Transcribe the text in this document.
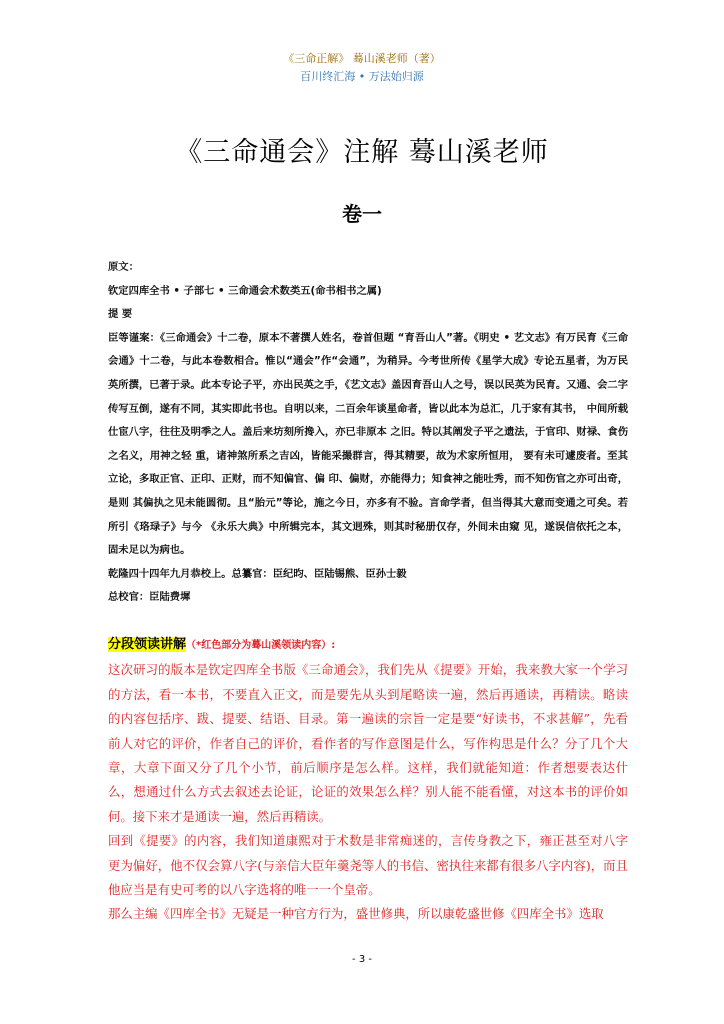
《三命正解》 蓦山溪老师（著）
百川终汇海 • 万法始归源
《三命通会》注解 蓦山溪老师
卷一

原文：

钦定四库全书 • 子部七 • 三命通会术数类五(命书相书之属)

提 要

臣等谨案：《三命通会》十二卷，原本不著撰人姓名，卷首但题 “育吾山人”著。《明史 • 艺文志》有万民育《三命会通》十二卷，与此本卷数相合。惟以“通会”作“会通”，为稍异。今考世所传《星学大成》专论五星者，为万民英所撰，已著于录。此本专论子平，亦出民英之手，《艺文志》盖因育吾山人之号，误以民英为民育。又通、会二字传写互倒，遂有不同，其实即此书也。自明以来，二百余年谈星命者，皆以此本为总汇，几于家有其书， 中间所载仕宦八字，往往及明季之人。盖后来坊刻所搀入，亦已非原本 之旧。特以其阐发子平之遗法，于官印、财禄、食伤之名义，用神之轻 重，诸神煞所系之吉凶，皆能采撮群言，得其精要，故为术家所恒用， 要有未可遽废者。至其立论，多取正官、正印、正财，而不知偏官、偏 印、偏财，亦能得力；知食神之能吐秀，而不知伤官之亦可出奇，是则 其偏执之见未能圆彻。且“胎元”等论，施之今日，亦多有不验。言命学者，但当得其大意而变通之可矣。若所引《珞琭子》与今 《永乐大典》中所辑完本，其文迥殊，则其时秘册仅存，外间未由窥 见，遂误信依托之本，固未足以为病也。

乾隆四十四年九月恭校上。总纂官：臣纪昀、臣陆锡熊、臣孙士毅

总校官：臣陆费墀

分段领读讲解（*红色部分为蓦山溪领读内容）:

这次研习的版本是钦定四库全书版《三命通会》，我们先从《提要》开始，我来教大家一个学习的方法，看一本书，不要直入正文，而是要先从头到尾略读一遍，然后再通读，再精读。略读的内容包括序、跋、提要、结语、目录。第一遍读的宗旨一定是要“好读书，不求甚解”，先看前人对它的评价，作者自己的评价，看作者的写作意图是什么，写作构思是什么？分了几个大章，大章下面又分了几个小节，前后顺序是怎么样。这样，我们就能知道：作者想要表达什么，想通过什么方式去叙述去论证，论证的效果怎么样？别人能不能看懂，对这本书的评价如何。接下来才是通读一遍，然后再精读。

回到《提要》的内容，我们知道康熙对于术数是非常痴迷的，言传身教之下，雍正甚至对八字更为偏好，他不仅会算八字(与亲信大臣年羹尧等人的书信、密执往来都有很多八字内容)，而且他应当是有史可考的以八字选将的唯一一个皇帝。

那么主编《四库全书》无疑是一种官方行为，盛世修典，所以康乾盛世修《四库全书》选取

- 3 -
